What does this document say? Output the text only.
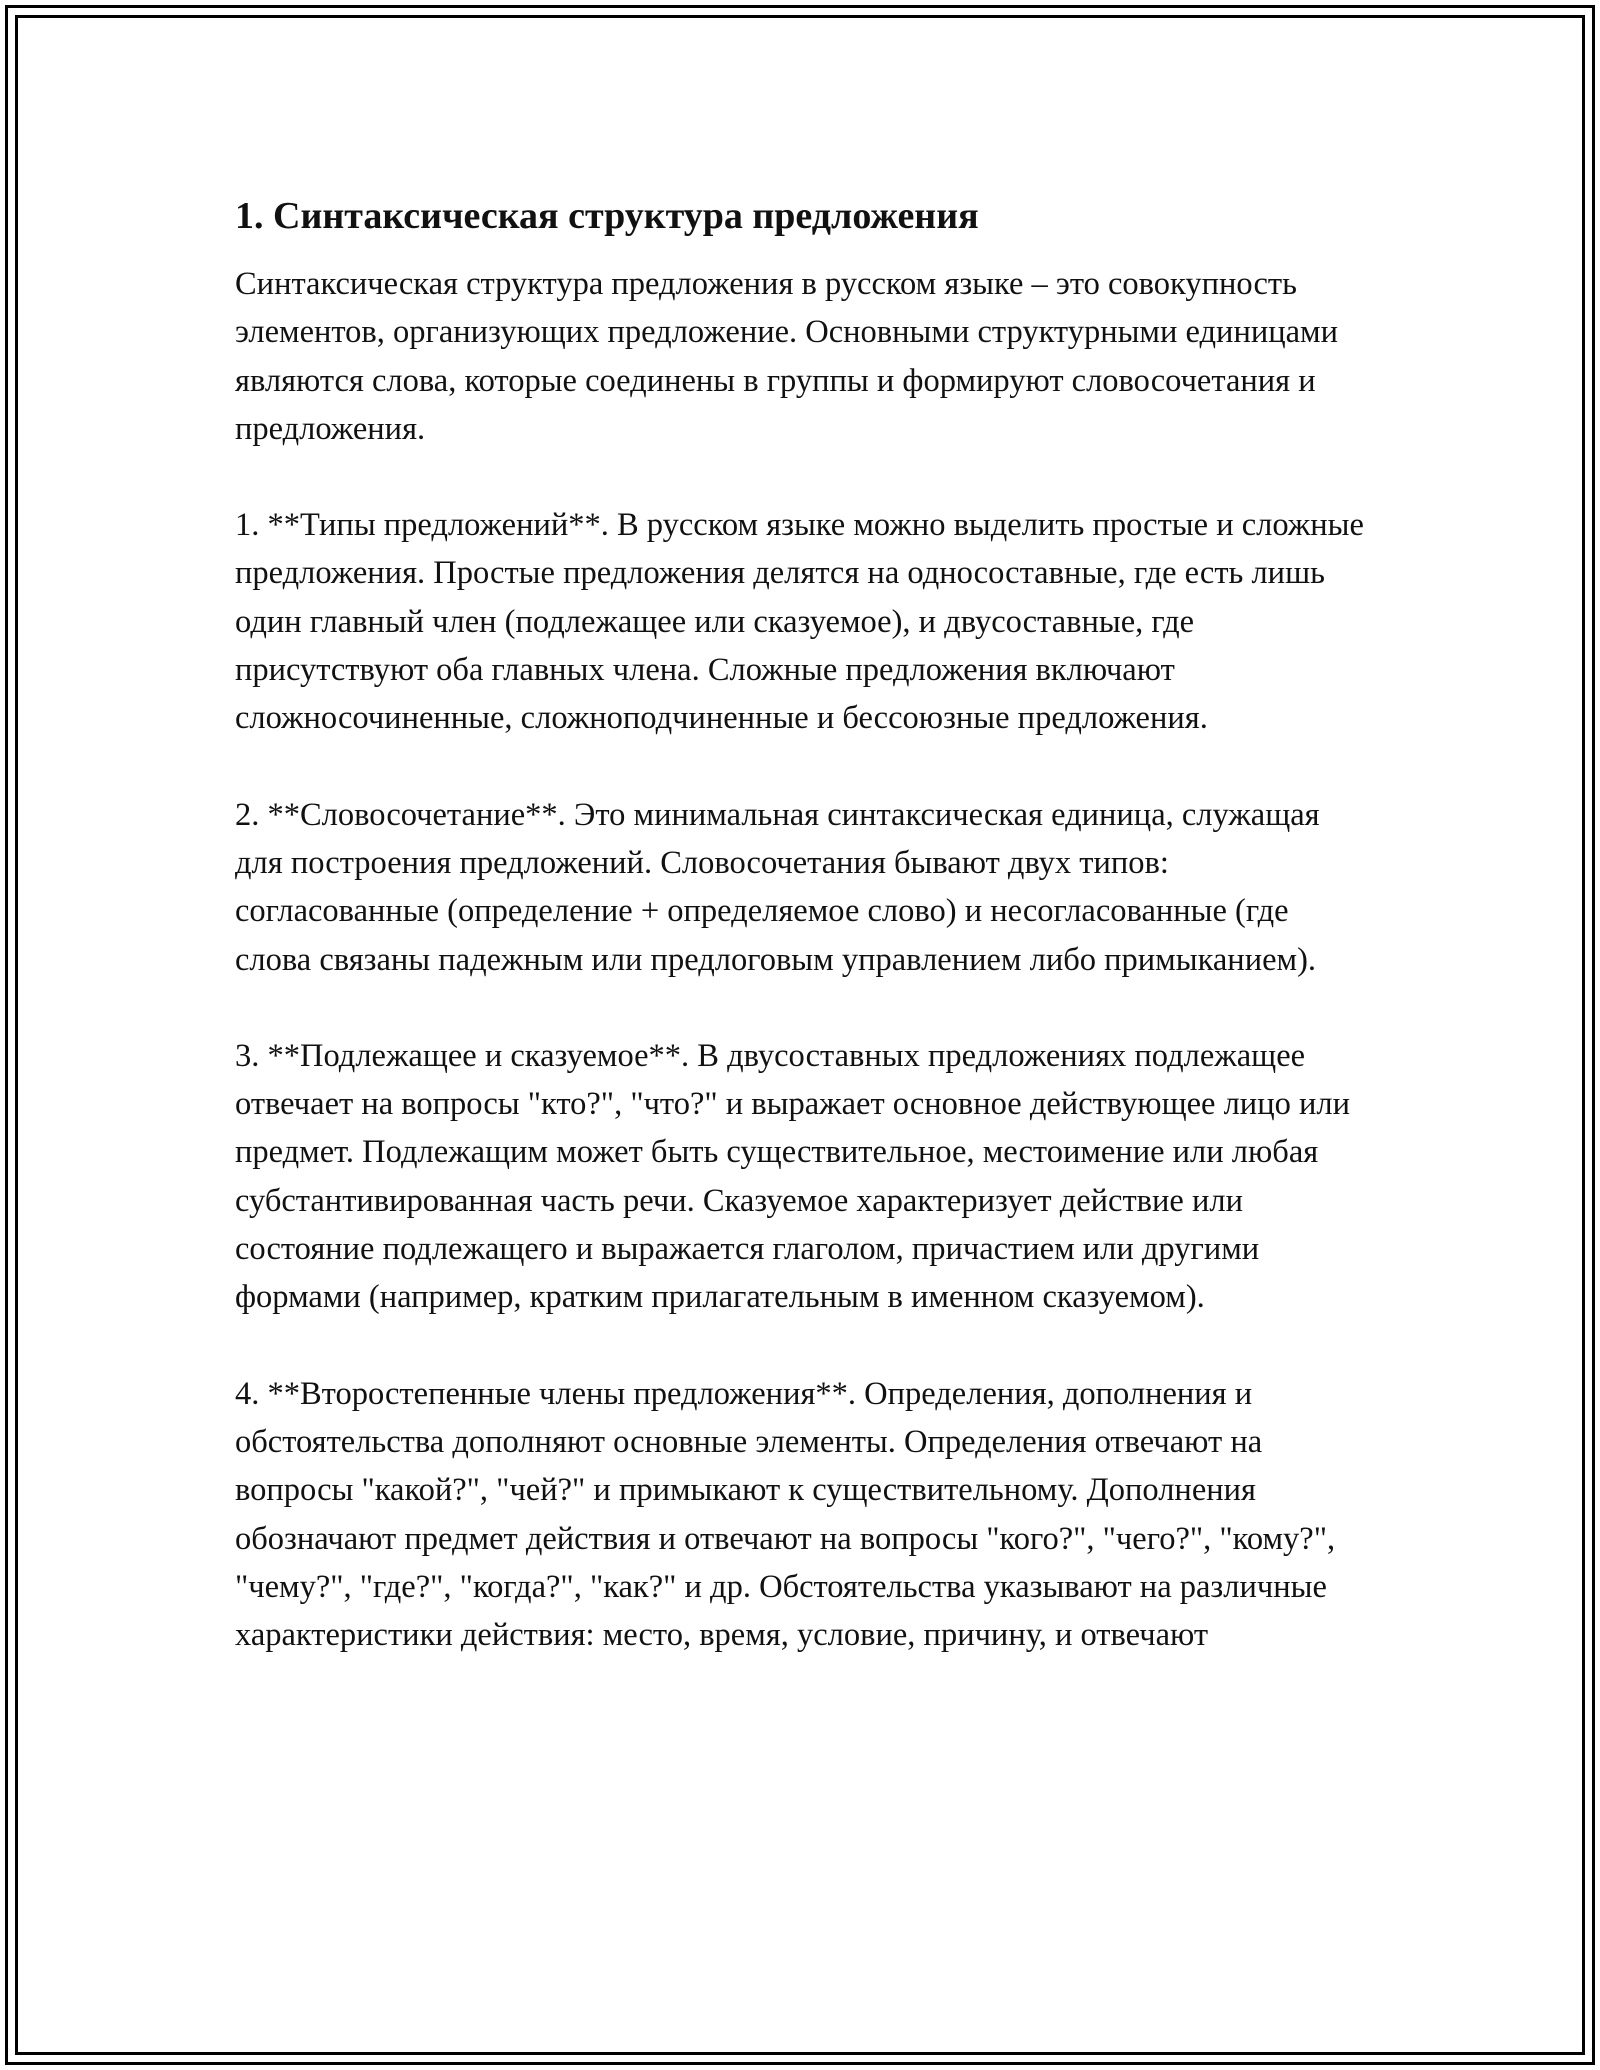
1. Синтаксическая структура предложения

Синтаксическая структура предложения в русском языке – это совокупность элементов, организующих предложение. Основными структурными единицами являются слова, которые соединены в группы и формируют словосочетания и предложения.

1. **Типы предложений**. В русском языке можно выделить простые и сложные предложения. Простые предложения делятся на односоставные, где есть лишь один главный член (подлежащее или сказуемое), и двусоставные, где присутствуют оба главных члена. Сложные предложения включают сложносочиненные, сложноподчиненные и бессоюзные предложения.

2. **Словосочетание**. Это минимальная синтаксическая единица, служащая для построения предложений. Словосочетания бывают двух типов: согласованные (определение + определяемое слово) и несогласованные (где слова связаны падежным или предлоговым управлением либо примыканием).

3. **Подлежащее и сказуемое**. В двусоставных предложениях подлежащее отвечает на вопросы "кто?", "что?" и выражает основное действующее лицо или предмет. Подлежащим может быть существительное, местоимение или любая субстантивированная часть речи. Сказуемое характеризует действие или состояние подлежащего и выражается глаголом, причастием или другими формами (например, кратким прилагательным в именном сказуемом).

4. **Второстепенные члены предложения**. Определения, дополнения и обстоятельства дополняют основные элементы. Определения отвечают на вопросы "какой?", "чей?" и примыкают к существительному. Дополнения обозначают предмет действия и отвечают на вопросы "кого?", "чего?", "кому?", "чему?", "где?", "когда?", "как?" и др. Обстоятельства указывают на различные характеристики действия: место, время, условие, причину, и отвечают
